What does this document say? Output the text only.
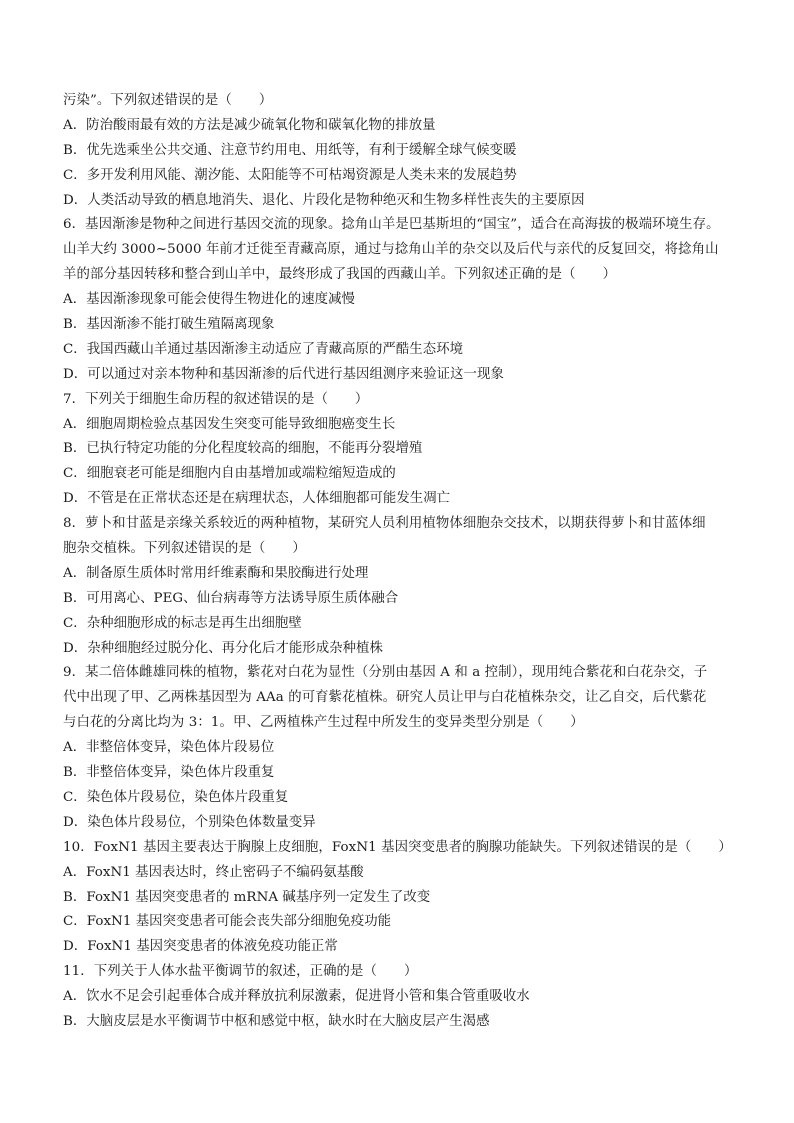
污染”。下列叙述错误的是（　　）
A．防治酸雨最有效的方法是减少硫氧化物和碳氧化物的排放量
B．优先选乘坐公共交通、注意节约用电、用纸等，有利于缓解全球气候变暖
C．多开发利用风能、潮汐能、太阳能等不可枯竭资源是人类未来的发展趋势
D．人类活动导致的栖息地消失、退化、片段化是物种绝灭和生物多样性丧失的主要原因
6．基因渐渗是物种之间进行基因交流的现象。捻角山羊是巴基斯坦的“国宝”，适合在高海拔的极端环境生存。
山羊大约 3000~5000 年前才迁徙至青藏高原，通过与捻角山羊的杂交以及后代与亲代的反复回交，将捻角山
羊的部分基因转移和整合到山羊中，最终形成了我国的西藏山羊。下列叙述正确的是（　　）
A．基因渐渗现象可能会使得生物进化的速度减慢
B．基因渐渗不能打破生殖隔离现象
C．我国西藏山羊通过基因渐渗主动适应了青藏高原的严酷生态环境
D．可以通过对亲本物种和基因渐渗的后代进行基因组测序来验证这一现象
7．下列关于细胞生命历程的叙述错误的是（　　）
A．细胞周期检验点基因发生突变可能导致细胞癌变生长
B．已执行特定功能的分化程度较高的细胞，不能再分裂增殖
C．细胞衰老可能是细胞内自由基增加或端粒缩短造成的
D．不管是在正常状态还是在病理状态，人体细胞都可能发生凋亡
8．萝卜和甘蓝是亲缘关系较近的两种植物，某研究人员利用植物体细胞杂交技术，以期获得萝卜和甘蓝体细
胞杂交植株。下列叙述错误的是（　　）
A．制备原生质体时常用纤维素酶和果胶酶进行处理
B．可用离心、PEG、仙台病毒等方法诱导原生质体融合
C．杂种细胞形成的标志是再生出细胞壁
D．杂种细胞经过脱分化、再分化后才能形成杂种植株
9．某二倍体雌雄同株的植物，紫花对白花为显性（分别由基因 A 和 a 控制），现用纯合紫花和白花杂交，子
代中出现了甲、乙两株基因型为 AAa 的可育紫花植株。研究人员让甲与白花植株杂交，让乙自交，后代紫花
与白花的分离比均为 3：1。甲、乙两植株产生过程中所发生的变异类型分别是（　　）
A．非整倍体变异，染色体片段易位
B．非整倍体变异，染色体片段重复
C．染色体片段易位，染色体片段重复
D．染色体片段易位，个别染色体数量变异
10．FoxN1 基因主要表达于胸腺上皮细胞，FoxN1 基因突变患者的胸腺功能缺失。下列叙述错误的是（　　）
A．FoxN1 基因表达时，终止密码子不编码氨基酸
B．FoxN1 基因突变患者的 mRNA 碱基序列一定发生了改变
C．FoxN1 基因突变患者可能会丧失部分细胞免疫功能
D．FoxN1 基因突变患者的体液免疫功能正常
11．下列关于人体水盐平衡调节的叙述，正确的是（　　）
A．饮水不足会引起垂体合成并释放抗利尿激素，促进肾小管和集合管重吸收水
B．大脑皮层是水平衡调节中枢和感觉中枢，缺水时在大脑皮层产生渴感
